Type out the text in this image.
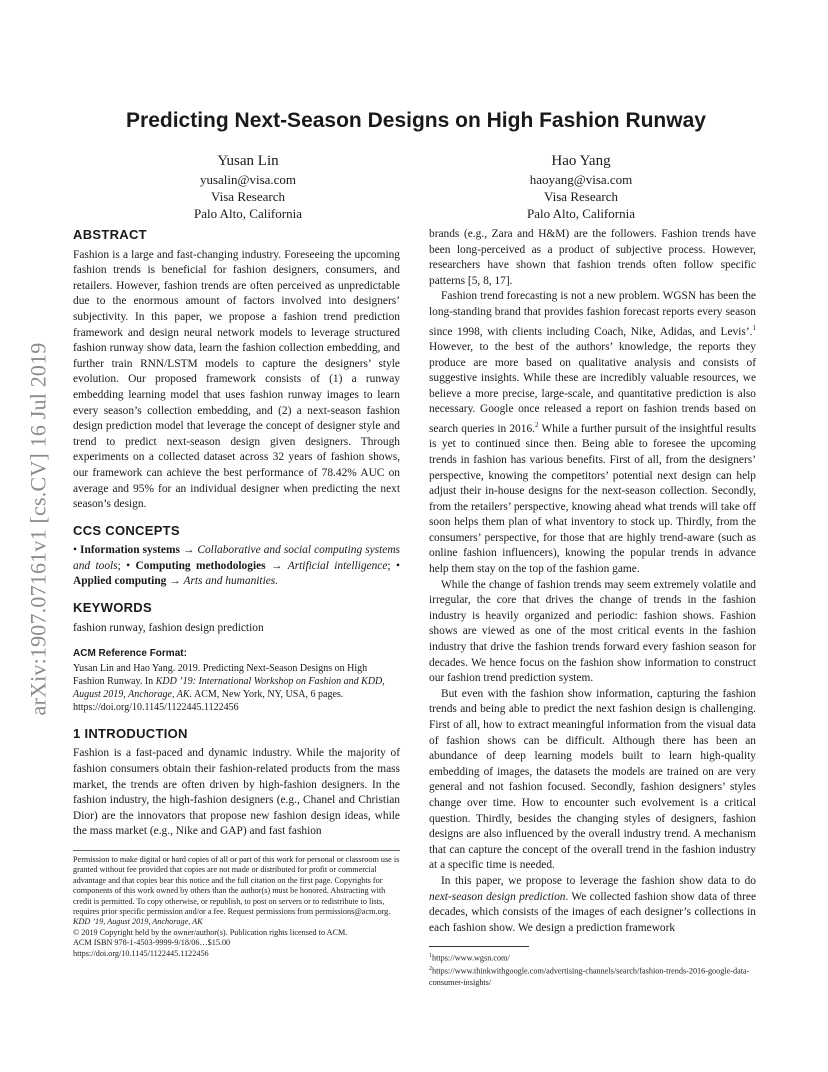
arXiv:1907.07161v1 [cs.CV] 16 Jul 2019
Predicting Next-Season Designs on High Fashion Runway
Yusan Lin
yusalin@visa.com
Visa Research
Palo Alto, California
Hao Yang
haoyang@visa.com
Visa Research
Palo Alto, California
ABSTRACT

Fashion is a large and fast-changing industry. Foreseeing the upcoming fashion trends is beneficial for fashion designers, consumers, and retailers. However, fashion trends are often perceived as unpredictable due to the enormous amount of factors involved into designers’ subjectivity. In this paper, we propose a fashion trend prediction framework and design neural network models to leverage structured fashion runway show data, learn the fashion collection embedding, and further train RNN/LSTM models to capture the designers’ style evolution. Our proposed framework consists of (1) a runway embedding learning model that uses fashion runway images to learn every season’s collection embedding, and (2) a next-season fashion design prediction model that leverage the concept of designer style and trend to predict next-season design given designers. Through experiments on a collected dataset across 32 years of fashion shows, our framework can achieve the best performance of 78.42% AUC on average and 95% for an individual designer when predicting the next season’s design.

CCS CONCEPTS

• Information systems → Collaborative and social computing systems and tools; • Computing methodologies → Artificial intelligence; • Applied computing → Arts and humanities.

KEYWORDS

fashion runway, fashion design prediction

ACM Reference Format:

Yusan Lin and Hao Yang. 2019. Predicting Next-Season Designs on High Fashion Runway. In KDD ’19: International Workshop on Fashion and KDD, August 2019, Anchorage, AK. ACM, New York, NY, USA, 6 pages. https://doi.org/10.1145/1122445.1122456

1 INTRODUCTION

Fashion is a fast-paced and dynamic industry. While the majority of fashion consumers obtain their fashion-related products from the mass market, the trends are often driven by high-fashion designers. In the fashion industry, the high-fashion designers (e.g., Chanel and Christian Dior) are the innovators that propose new fashion design ideas, while the mass market (e.g., Nike and GAP) and fast fashion

Permission to make digital or hard copies of all or part of this work for personal or classroom use is granted without fee provided that copies are not made or distributed for profit or commercial advantage and that copies bear this notice and the full citation on the first page. Copyrights for components of this work owned by others than the author(s) must be honored. Abstracting with credit is permitted. To copy otherwise, or republish, to post on servers or to redistribute to lists, requires prior specific permission and/or a fee. Request permissions from permissions@acm.org.

KDD ’19, August 2019, Anchorage, AK

© 2019 Copyright held by the owner/author(s). Publication rights licensed to ACM.

ACM ISBN 978-1-4503-9999-9/18/06…$15.00

https://doi.org/10.1145/1122445.1122456

brands (e.g., Zara and H&M) are the followers. Fashion trends have been long-perceived as a product of subjective process. However, researchers have shown that fashion trends often follow specific patterns [5, 8, 17].

Fashion trend forecasting is not a new problem. WGSN has been the long-standing brand that provides fashion forecast reports every season since 1998, with clients including Coach, Nike, Adidas, and Levis’.$^1$ However, to the best of the authors’ knowledge, the reports they produce are more based on qualitative analysis and consists of suggestive insights. While these are incredibly valuable resources, we believe a more precise, large-scale, and quantitative prediction is also necessary. Google once released a report on fashion trends based on search queries in 2016.$^2$ While a further pursuit of the insightful results is yet to continued since then. Being able to foresee the upcoming trends in fashion has various benefits. First of all, from the designers’ perspective, knowing the competitors’ potential next design can help adjust their in-house designs for the next-season collection. Secondly, from the retailers’ perspective, knowing ahead what trends will take off soon helps them plan of what inventory to stock up. Thirdly, from the consumers’ perspective, for those that are highly trend-aware (such as online fashion influencers), knowing the popular trends in advance help them stay on the top of the fashion game.

While the change of fashion trends may seem extremely volatile and irregular, the core that drives the change of trends in the fashion industry is heavily organized and periodic: fashion shows. Fashion shows are viewed as one of the most critical events in the fashion industry that drive the fashion trends forward every fashion season for decades. We hence focus on the fashion show information to construct our fashion trend prediction system.

But even with the fashion show information, capturing the fashion trends and being able to predict the next fashion design is challenging. First of all, how to extract meaningful information from the visual data of fashion shows can be difficult. Although there has been an abundance of deep learning models built to learn high-quality embedding of images, the datasets the models are trained on are very general and not fashion focused. Secondly, fashion designers’ styles change over time. How to encounter such evolvement is a critical question. Thirdly, besides the changing styles of designers, fashion designs are also influenced by the overall industry trend. A mechanism that can capture the concept of the overall trend in the fashion industry at a specific time is needed.

In this paper, we propose to leverage the fashion show data to do next-season design prediction. We collected fashion show data of three decades, which consists of the images of each designer’s collections in each fashion show. We design a prediction framework

$^1$https://www.wgsn.com/
$^2$https://www.thinkwithgoogle.com/advertising-channels/search/fashion-trends-2016-google-data-consumer-insights/
